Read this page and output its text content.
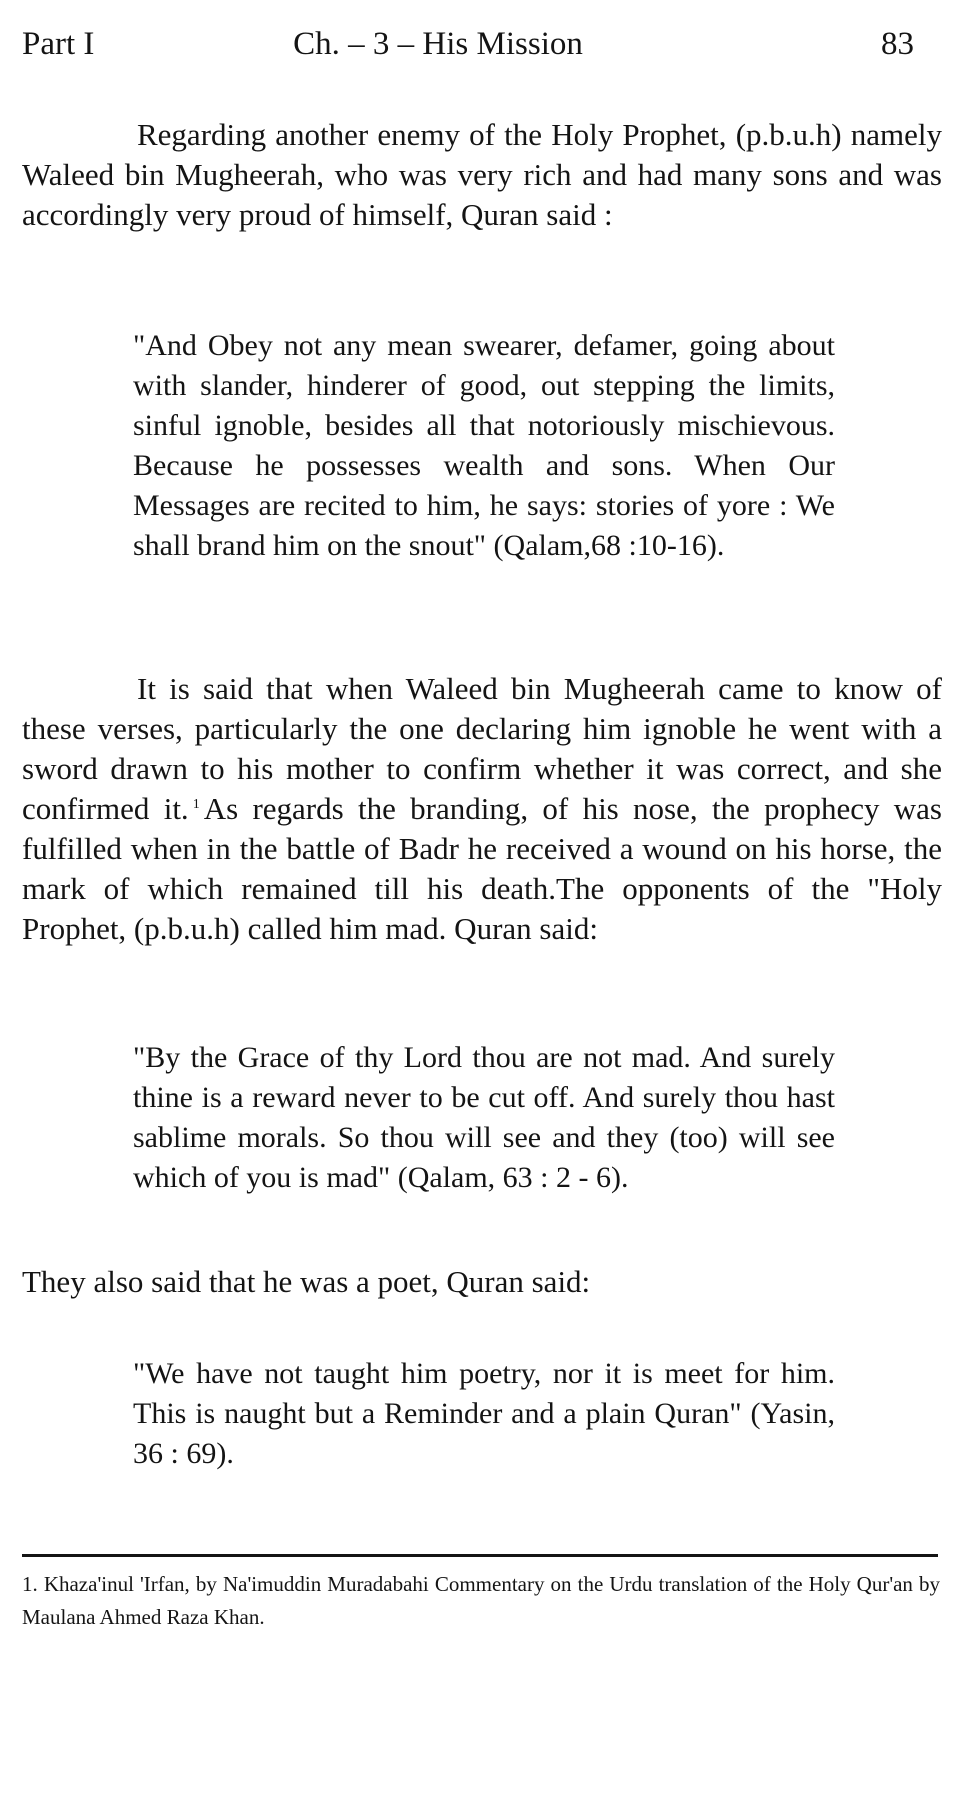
Part I	Ch. – 3 – His Mission	83

Regarding another enemy of the Holy Prophet, (p.b.u.h) namely Waleed bin Mugheerah, who was very rich and had many sons and was accordingly very proud of himself, Quran said :

"And Obey not any mean swearer, defamer, going about with slander, hinderer of good, out stepping the limits, sinful ignoble, besides all that notoriously mischievous. Because he possesses wealth and sons. When Our Messages are recited to him, he says: stories of yore : We shall brand him on the snout" (Qalam,68 :10-16).

It is said that when Waleed bin Mugheerah came to know of these verses, particularly the one declaring him ignoble he went with a sword drawn to his mother to confirm whether it was correct, and she confirmed it. $^1$ As regards the branding, of his nose, the prophecy was fulfilled when in the battle of Badr he received a wound on his horse, the mark of which remained till his death.The opponents of the "Holy Prophet, (p.b.u.h) called him mad. Quran said:

"By the Grace of thy Lord thou are not mad. And surely thine is a reward never to be cut off. And surely thou hast sablime morals. So thou will see and they (too) will see which of you is mad" (Qalam, 63 : 2 - 6).

They also said that he was a poet, Quran said:

"We have not taught him poetry, nor it is meet for him. This is naught but a Reminder and a plain Quran" (Yasin, 36 : 69).

1. Khaza'inul 'Irfan, by Na'imuddin Muradabahi Commentary on the Urdu translation of the Holy Qur'an by Maulana Ahmed Raza Khan.
